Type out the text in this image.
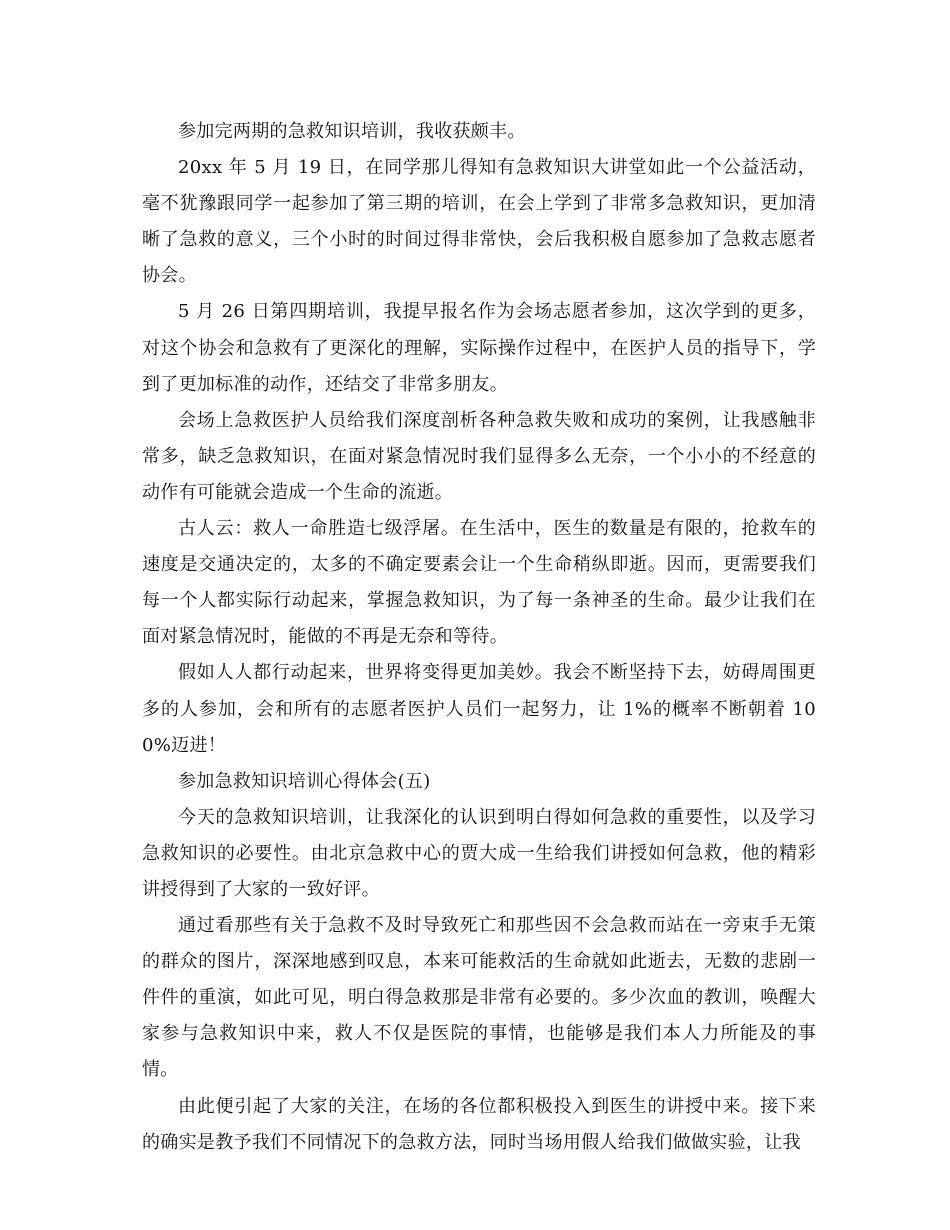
参加完两期的急救知识培训，我收获颇丰。

20xx 年 5 月 19 日，在同学那儿得知有急救知识大讲堂如此一个公益活动，毫不犹豫跟同学一起参加了第三期的培训，在会上学到了非常多急救知识，更加清晰了急救的意义，三个小时的时间过得非常快，会后我积极自愿参加了急救志愿者协会。

5 月 26 日第四期培训，我提早报名作为会场志愿者参加，这次学到的更多，对这个协会和急救有了更深化的理解，实际操作过程中，在医护人员的指导下，学到了更加标准的动作，还结交了非常多朋友。

会场上急救医护人员给我们深度剖析各种急救失败和成功的案例，让我感触非常多，缺乏急救知识，在面对紧急情况时我们显得多么无奈，一个小小的不经意的动作有可能就会造成一个生命的流逝。

古人云：救人一命胜造七级浮屠。在生活中，医生的数量是有限的，抢救车的速度是交通决定的，太多的不确定要素会让一个生命稍纵即逝。因而，更需要我们每一个人都实际行动起来，掌握急救知识，为了每一条神圣的生命。最少让我们在面对紧急情况时，能做的不再是无奈和等待。

假如人人都行动起来，世界将变得更加美妙。我会不断坚持下去，妨碍周围更多的人参加，会和所有的志愿者医护人员们一起努力，让 1%的概率不断朝着 100%迈进！

参加急救知识培训心得体会(五)

今天的急救知识培训，让我深化的认识到明白得如何急救的重要性，以及学习急救知识的必要性。由北京急救中心的贾大成一生给我们讲授如何急救，他的精彩讲授得到了大家的一致好评。

通过看那些有关于急救不及时导致死亡和那些因不会急救而站在一旁束手无策的群众的图片，深深地感到叹息，本来可能救活的生命就如此逝去，无数的悲剧一件件的重演，如此可见，明白得急救那是非常有必要的。多少次血的教训，唤醒大家参与急救知识中来，救人不仅是医院的事情，也能够是我们本人力所能及的事情。

由此便引起了大家的关注，在场的各位都积极投入到医生的讲授中来。接下来的确实是教予我们不同情况下的急救方法，同时当场用假人给我们做做实验，让我
